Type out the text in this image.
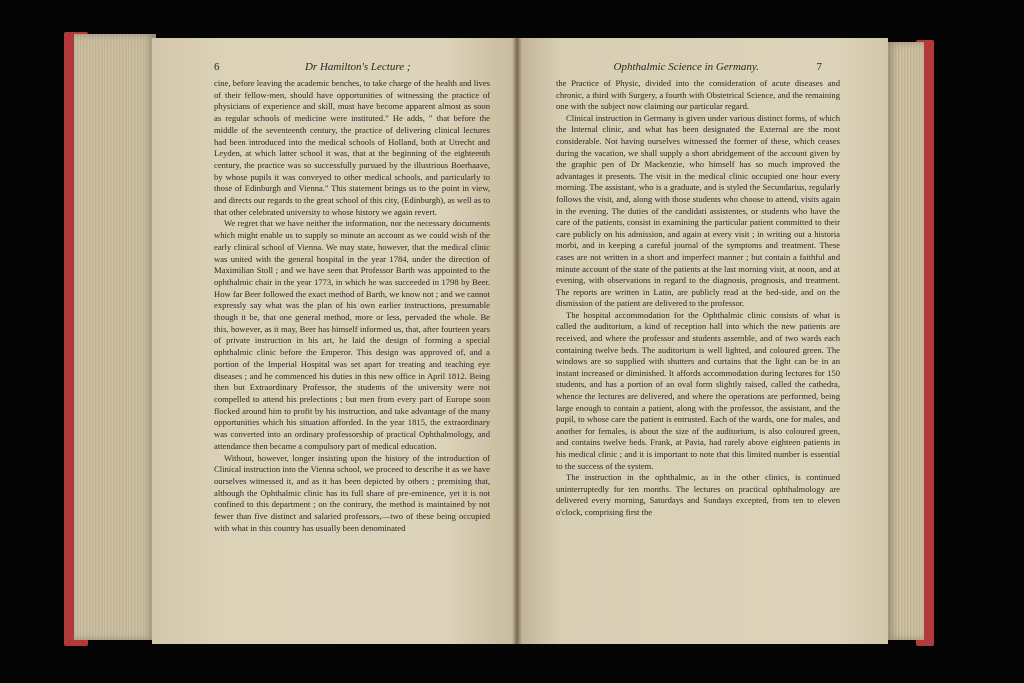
6	Dr Hamilton's Lecture ;

cine, before leaving the academic benches, to take charge of the health and lives of their fellow-men, should have opportunities of witnessing the practice of physicians of experience and skill, must have become apparent almost as soon as regular schools of medicine were instituted." He adds, " that before the middle of the seventeenth century, the practice of delivering clinical lectures had been introduced into the medical schools of Holland, both at Utrecht and Leyden, at which latter school it was, that at the beginning of the eighteenth century, the practice was so successfully pursued by the illustrious Boerhaave, by whose pupils it was conveyed to other medical schools, and particularly to those of Edinburgh and Vienna." This statement brings us to the point in view, and directs our regards to the great school of this city, (Edinburgh), as well as to that other celebrated university to whose history we again revert.

We regret that we have neither the information, nor the necessary documents which might enable us to supply so minute an account as we could wish of the early clinical school of Vienna. We may state, however, that the medical clinic was united with the general hospital in the year 1784, under the direction of Maximilian Stoll ; and we have seen that Professor Barth was appointed to the ophthalmic chair in the year 1773, in which he was succeeded in 1798 by Beer. How far Beer followed the exact method of Barth, we know not ; and we cannot expressly say what was the plan of his own earlier instructions, presumable though it be, that one general method, more or less, pervaded the whole. Be this, however, as it may, Beer has himself informed us, that, after fourteen years of private instruction in his art, he laid the design of forming a special ophthalmic clinic before the Emperor. This design was approved of, and a portion of the Imperial Hospital was set apart for treating and teaching eye diseases ; and he commenced his duties in this new office in April 1812. Being then but Extraordinary Professor, the students of the university were not compelled to attend his prelections ; but men from every part of Europe soon flocked around him to profit by his instruction, and take advantage of the many opportunities which his situation afforded. In the year 1815, the extraordinary was converted into an ordinary professorship of practical Ophthalmology, and attendance then became a compulsory part of medical education.

Without, however, longer insisting upon the history of the introduction of Clinical instruction into the Vienna school, we proceed to describe it as we have ourselves witnessed it, and as it has been depicted by others ; premising that, although the Ophthalmic clinic has its full share of pre-eminence, yet it is not confined to this department ; on the contrary, the method is maintained by not fewer than five distinct and salaried professors,—two of these being occupied with what in this country has usually been denominated

Ophthalmic Science in Germany.	7

the Practice of Physic, divided into the consideration of acute diseases and chronic, a third with Surgery, a fourth with Obstetrical Science, and the remaining one with the subject now claiming our particular regard.

Clinical instruction in Germany is given under various distinct forms, of which the Internal clinic, and what has been designated the External are the most considerable. Not having ourselves witnessed the former of these, which ceases during the vacation, we shall supply a short abridgement of the account given by the graphic pen of Dr Mackenzie, who himself has so much improved the advantages it presents. The visit in the medical clinic occupied one hour every morning. The assistant, who is a graduate, and is styled the Secundarius, regularly follows the visit, and, along with those students who choose to attend, visits again in the evening. The duties of the candidati assistentes, or students who have the care of the patients, consist in examining the particular patient committed to their care publicly on his admission, and again at every visit ; in writing out a historia morbi, and in keeping a careful journal of the symptoms and treatment. These cases are not written in a short and imperfect manner ; but contain a faithful and minute account of the state of the patients at the last morning visit, at noon, and at evening, with observations in regard to the diagnosis, prognosis, and treatment. The reports are written in Latin, are publicly read at the bed-side, and on the dismission of the patient are delivered to the professor.

The hospital accommodation for the Ophthalmic clinic consists of what is called the auditorium, a kind of reception hall into which the new patients are received, and where the professor and students assemble, and of two wards each containing twelve beds. The auditorium is well lighted, and coloured green. The windows are so supplied with shutters and curtains that the light can be in an instant increased or diminished. It affords accommodation during lectures for 150 students, and has a portion of an oval form slightly raised, called the cathedra, whence the lectures are delivered, and where the operations are performed, being large enough to contain a patient, along with the professor, the assistant, and the pupil, to whose care the patient is entrusted. Each of the wards, one for males, and another for females, is about the size of the auditorium, is also coloured green, and contains twelve beds. Frank, at Pavia, had rarely above eighteen patients in his medical clinic ; and it is important to note that this limited number is essential to the success of the system.

The instruction in the ophthalmic, as in the other clinics, is continued uninterruptedly for ten months. The lectures on practical ophthalmology are delivered every morning, Saturdays and Sundays excepted, from ten to eleven o'clock, comprising first the
